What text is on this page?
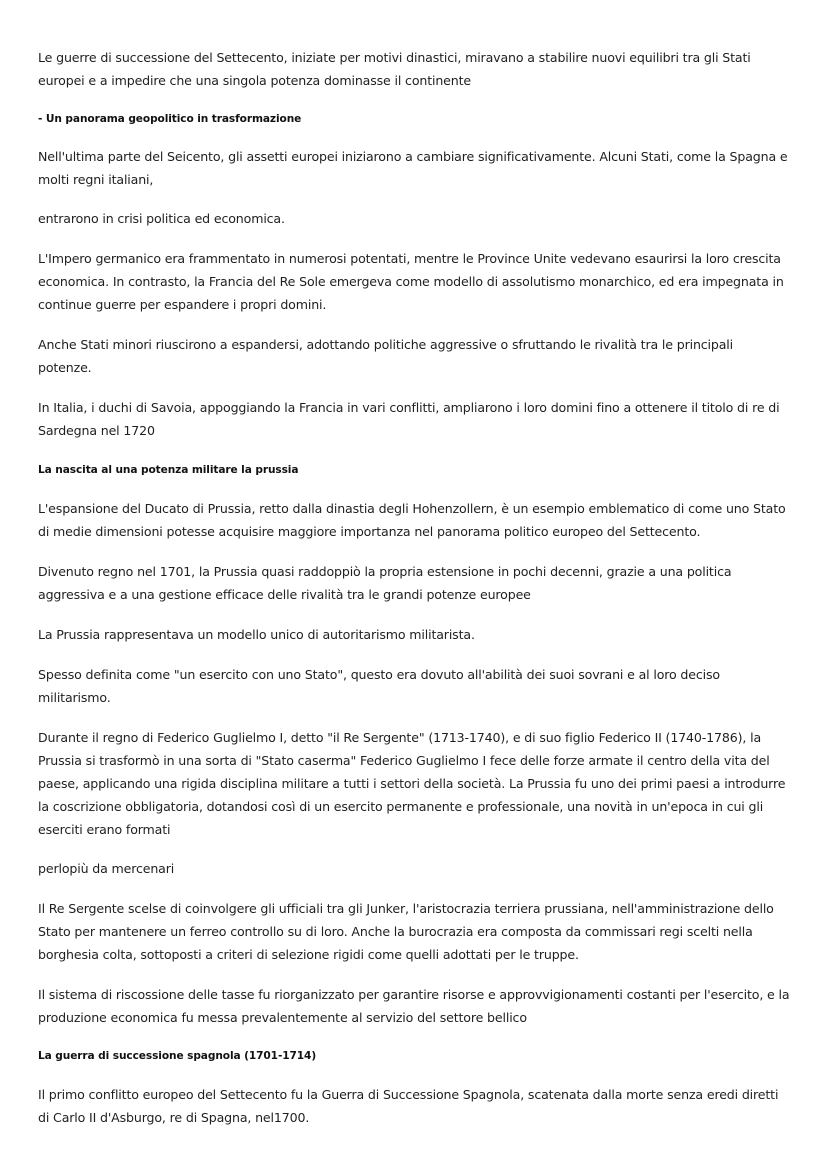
Le guerre di successione del Settecento, iniziate per motivi dinastici, miravano a stabilire nuovi equilibri tra gli Stati europei e a impedire che una singola potenza dominasse il continente

- Un panorama geopolitico in trasformazione

Nell'ultima parte del Seicento, gli assetti europei iniziarono a cambiare significativamente. Alcuni Stati, come la Spagna e molti regni italiani,

entrarono in crisi politica ed economica.

L'Impero germanico era frammentato in numerosi potentati, mentre le Province Unite vedevano esaurirsi la loro crescita economica. In contrasto, la Francia del Re Sole emergeva come modello di assolutismo monarchico, ed era impegnata in continue guerre per espandere i propri domini.

Anche Stati minori riuscirono a espandersi, adottando politiche aggressive o sfruttando le rivalità tra le principali potenze.

In Italia, i duchi di Savoia, appoggiando la Francia in vari conflitti, ampliarono i loro domini fino a ottenere il titolo di re di Sardegna nel 1720

La nascita al una potenza militare la prussia

L'espansione del Ducato di Prussia, retto dalla dinastia degli Hohenzollern, è un esempio emblematico di come uno Stato di medie dimensioni potesse acquisire maggiore importanza nel panorama politico europeo del Settecento.

Divenuto regno nel 1701, la Prussia quasi raddoppiò la propria estensione in pochi decenni, grazie a una politica aggressiva e a una gestione efficace delle rivalità tra le grandi potenze europee

La Prussia rappresentava un modello unico di autoritarismo militarista.

Spesso definita come "un esercito con uno Stato", questo era dovuto all'abilità dei suoi sovrani e al loro deciso militarismo.

Durante il regno di Federico Guglielmo I, detto "il Re Sergente" (1713-1740), e di suo figlio Federico II (1740-1786), la Prussia si trasformò in una sorta di "Stato caserma" Federico Guglielmo I fece delle forze armate il centro della vita del paese, applicando una rigida disciplina militare a tutti i settori della società. La Prussia fu uno dei primi paesi a introdurre la coscrizione obbligatoria, dotandosi così di un esercito permanente e professionale, una novità in un'epoca in cui gli eserciti erano formati

perlopiù da mercenari

Il Re Sergente scelse di coinvolgere gli ufficiali tra gli Junker, l'aristocrazia terriera prussiana, nell'amministrazione dello Stato per mantenere un ferreo controllo su di loro. Anche la burocrazia era composta da commissari regi scelti nella borghesia colta, sottoposti a criteri di selezione rigidi come quelli adottati per le truppe.

Il sistema di riscossione delle tasse fu riorganizzato per garantire risorse e approvvigionamenti costanti per l'esercito, e la produzione economica fu messa prevalentemente al servizio del settore bellico

La guerra di successione spagnola (1701-1714)

Il primo conflitto europeo del Settecento fu la Guerra di Successione Spagnola, scatenata dalla morte senza eredi diretti di Carlo II d'Asburgo, re di Spagna, nel1700.
